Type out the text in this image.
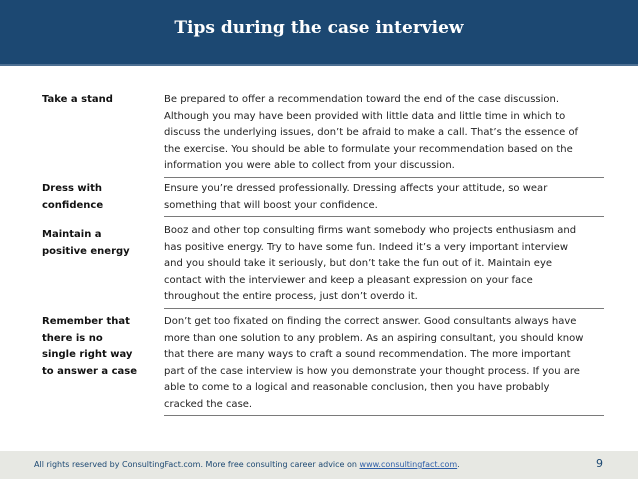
Tips during the case interview
Take a stand	Be prepared to offer a recommendation toward the end of the case discussion.
Although you may have been provided with little data and little time in which to
discuss the underlying issues, don’t be afraid to make a call. That’s the essence of
the exercise. You should be able to formulate your recommendation based on the
information you were able to collect from your discussion.
Dress with
confidence
Ensure you’re dressed professionally. Dressing affects your attitude, so wear
something that will boost your confidence.
Maintain a
positive energy
Booz and other top consulting firms want somebody who projects enthusiasm and
has positive energy. Try to have some fun. Indeed it’s a very important interview
and you should take it seriously, but don’t take the fun out of it. Maintain eye
contact with the interviewer and keep a pleasant expression on your face
throughout the entire process, just don’t overdo it.
Remember that
there is no
single right way
to answer a case
Don’t get too fixated on finding the correct answer. Good consultants always have
more than one solution to any problem. As an aspiring consultant, you should know
that there are many ways to craft a sound recommendation. The more important
part of the case interview is how you demonstrate your thought process. If you are
able to come to a logical and reasonable conclusion, then you have probably
cracked the case.
All rights reserved by ConsultingFact.com. More free consulting career advice on www.consultingfact.com.	9
